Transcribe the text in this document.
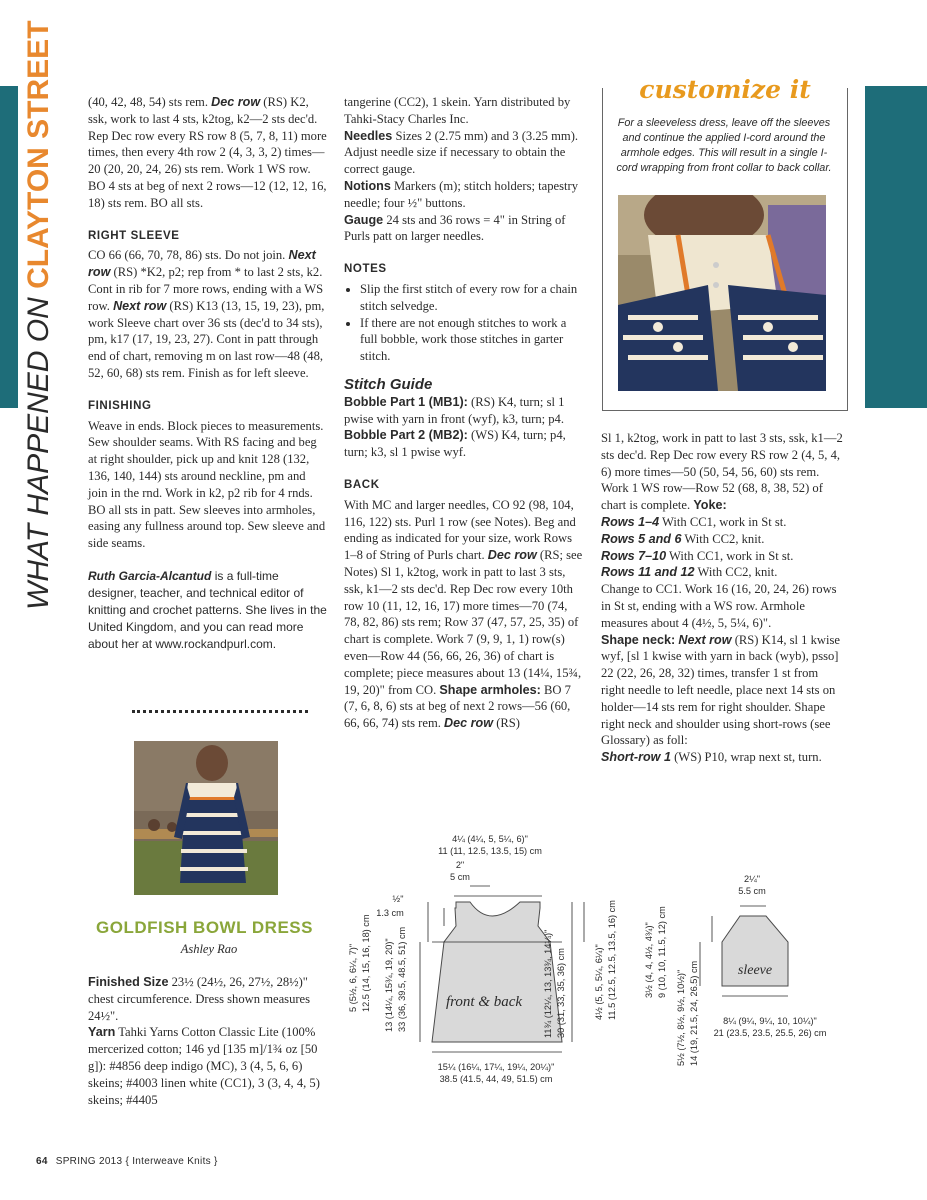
WHAT HAPPENED ON CLAYTON STREET	(40, 42, 48, 54) sts rem. Dec row (RS) K2, ssk, work to last 4 sts, k2tog, k2—2 sts dec'd. Rep Dec row every RS row 8 (5, 7, 8, 11) more times, then every 4th row 2 (4, 3, 3, 2) times—20 (20, 20, 24, 26) sts rem. Work 1 WS row. BO 4 sts at beg of next 2 rows—12 (12, 12, 16, 18) sts rem. BO all sts.

RIGHT SLEEVE

CO 66 (66, 70, 78, 86) sts. Do not join. Next row (RS) *K2, p2; rep from * to last 2 sts, k2. Cont in rib for 7 more rows, ending with a WS row. Next row (RS) K13 (13, 15, 19, 23), pm, work Sleeve chart over 36 sts (dec'd to 34 sts), pm, k17 (17, 19, 23, 27). Cont in patt through end of chart, removing m on last row—48 (48, 52, 60, 68) sts rem. Finish as for left sleeve.

FINISHING

Weave in ends. Block pieces to measurements. Sew shoulder seams. With RS facing and beg at right shoulder, pick up and knit 128 (132, 136, 140, 144) sts around neckline, pm and join in the rnd. Work in k2, p2 rib for 4 rnds. BO all sts in patt. Sew sleeves into armholes, easing any fullness around top. Sew sleeve and side seams.

Ruth Garcia-Alcantud is a full-time designer, teacher, and technical editor of knitting and crochet patterns. She lives in the United Kingdom, and you can read more about her at www.rockandpurl.com.

GOLDFISH BOWL DRESS
Ashley Rao

Finished Size 23½ (24½, 26, 27½, 28½)" chest circumference. Dress shown measures 24½".

Yarn Tahki Yarns Cotton Classic Lite (100% mercerized cotton; 146 yd [135 m]/1¾ oz [50 g]): #4856 deep indigo (MC), 3 (4, 5, 6, 6) skeins; #4003 linen white (CC1), 3 (3, 4, 4, 5) skeins; #4405

tangerine (CC2), 1 skein. Yarn distributed by Tahki-Stacy Charles Inc.

Needles Sizes 2 (2.75 mm) and 3 (3.25 mm). Adjust needle size if necessary to obtain the correct gauge.

Notions Markers (m); stitch holders; tapestry needle; four ½" buttons.

Gauge 24 sts and 36 rows = 4" in String of Purls patt on larger needles.

NOTES

• Slip the first stitch of every row for a chain stitch selvedge.
• If there are not enough stitches to work a full bobble, work those stitches in garter stitch.

Stitch Guide

Bobble Part 1 (MB1): (RS) K4, turn; sl 1 pwise with yarn in front (wyf), k3, turn; p4.

Bobble Part 2 (MB2): (WS) K4, turn; p4, turn; k3, sl 1 pwise wyf.

BACK

With MC and larger needles, CO 92 (98, 104, 116, 122) sts. Purl 1 row (see Notes). Beg and ending as indicated for your size, work Rows 1–8 of String of Purls chart. Dec row (RS; see Notes) Sl 1, k2tog, work in patt to last 3 sts, ssk, k1—2 sts dec'd. Rep Dec row every 10th row 10 (11, 12, 16, 17) more times—70 (74, 78, 82, 86) sts rem; Row 37 (47, 57, 25, 35) of chart is complete. Work 7 (9, 9, 1, 1) row(s) even—Row 44 (56, 66, 26, 36) of chart is complete; piece measures about 13 (14¼, 15¾, 19, 20)" from CO. Shape armholes: BO 7 (7, 6, 8, 6) sts at beg of next 2 rows—56 (60, 66, 66, 74) sts rem. Dec row (RS)

customize it
For a sleeveless dress, leave off the sleeves and continue the applied I-cord around the armhole edges. This will result in a single I-cord wrapping from front collar to back collar.

Sl 1, k2tog, work in patt to last 3 sts, ssk, k1—2 sts dec'd. Rep Dec row every RS row 2 (4, 5, 4, 6) more times—50 (50, 54, 56, 60) sts rem. Work 1 WS row—Row 52 (68, 8, 38, 52) of chart is complete. Yoke:

Rows 1–4 With CC1, work in St st.

Rows 5 and 6 With CC2, knit.

Rows 7–10 With CC1, work in St st.

Rows 11 and 12 With CC2, knit.

Change to CC1. Work 16 (16, 20, 24, 26) rows in St st, ending with a WS row. Armhole measures about 4 (4½, 5, 5¼, 6)".

Shape neck: Next row (RS) K14, sl 1 kwise wyf, [sl 1 kwise with yarn in back (wyb), psso] 22 (22, 26, 28, 32) times, transfer 1 st from right needle to left needle, place next 14 sts on holder—14 sts rem for right shoulder. Shape right neck and shoulder using short-rows (see Glossary) as foll:

Short-row 1 (WS) P10, wrap next st, turn.

4¼ (4¼, 5, 5¼, 6)"
11 (11, 12.5, 13.5, 15) cm
2"
5 cm
½"
1.3 cm
5 (5½, 6, 6¼, 7)" 12.5 (14, 15, 16, 18) cm 13 (14¼, 15¾, 19, 20)" 33 (36, 39.5, 48.5, 51) cm	front & back 11¾ (12¼, 13, 13¾, 14¼)" 30 (31, 33, 35, 36) cm	4½ (5, 5, 5¼, 6¼)" 11.5 (12.5, 12.5, 13.5, 16) cm
15¼ (16¼, 17¼, 19¼, 20¼)"
38.5 (41.5, 44, 49, 51.5) cm
sleeve
2¼"
5.5 cm
3½ (4, 4, 4½, 4¾)" 9 (10, 10, 11.5, 12) cm
5½ (7½, 8½, 9½, 10½)" 14 (19, 21.5, 24, 26.5) cm	8¼ (9¼, 9¼, 10, 10¼)"
21 (23.5, 23.5, 25.5, 26) cm
64 SPRING 2013 { Interweave Knits }
